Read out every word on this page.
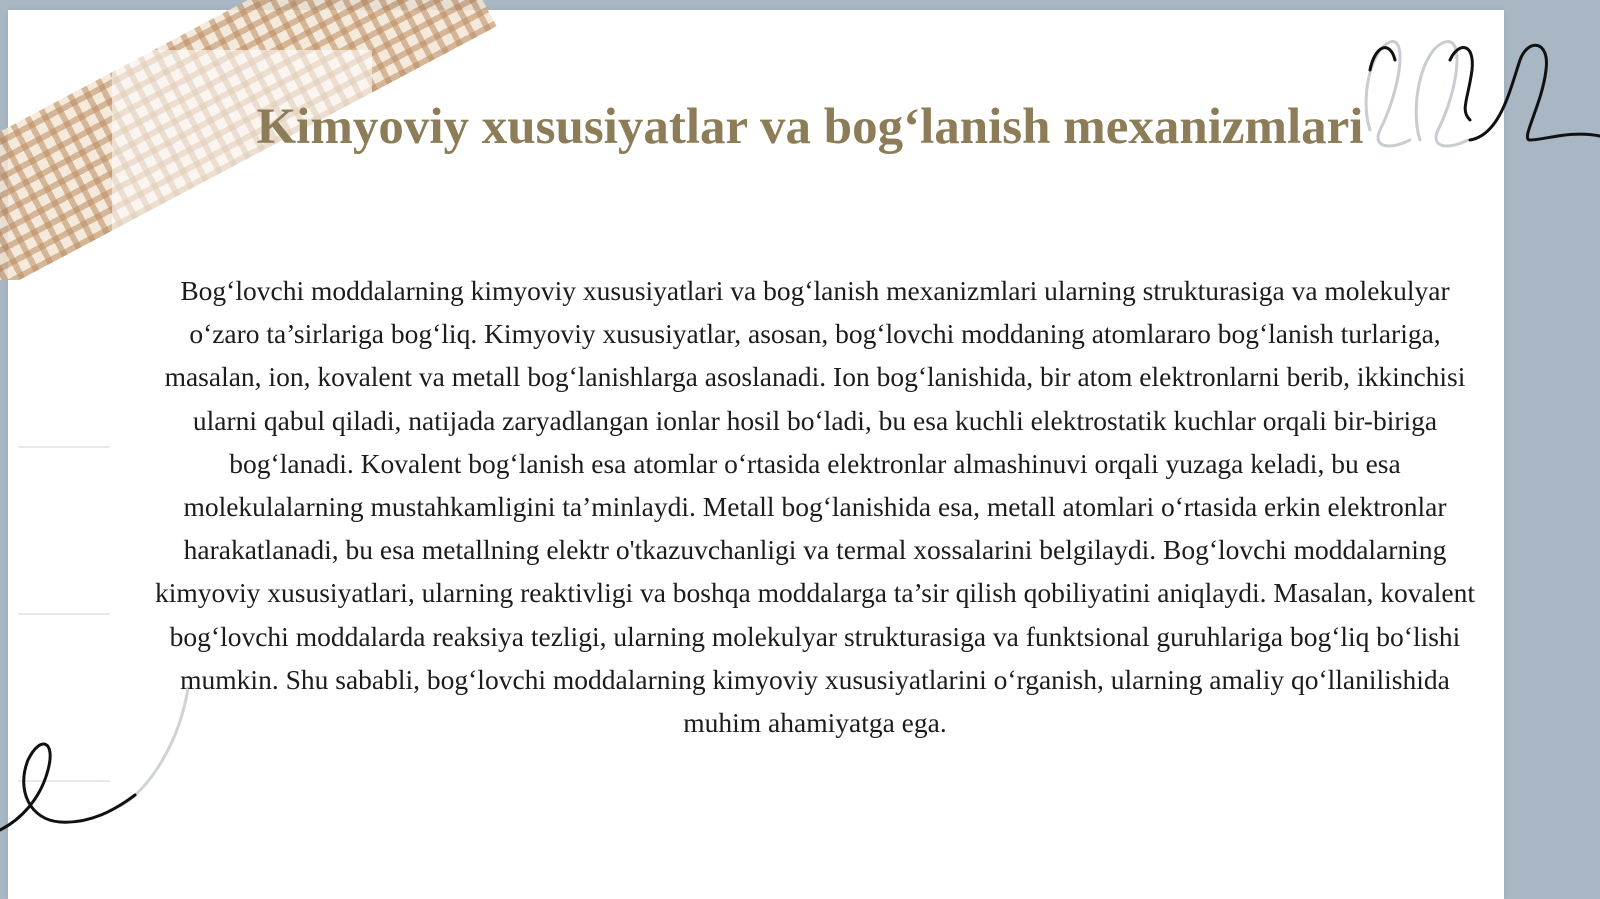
Kimyoviy xususiyatlar va bog‘lanish mexanizmlari

Bog‘lovchi moddalarning kimyoviy xususiyatlari va bog‘lanish mexanizmlari ularning strukturasiga va molekulyar o‘zaro ta’sirlariga bog‘liq. Kimyoviy xususiyatlar, asosan, bog‘lovchi moddaning atomlararo bog‘lanish turlariga, masalan, ion, kovalent va metall bog‘lanishlarga asoslanadi. Ion bog‘lanishida, bir atom elektronlarni berib, ikkinchisi ularni qabul qiladi, natijada zaryadlangan ionlar hosil bo‘ladi, bu esa kuchli elektrostatik kuchlar orqali bir-biriga bog‘lanadi. Kovalent bog‘lanish esa atomlar o‘rtasida elektronlar almashinuvi orqali yuzaga keladi, bu esa molekulalarning mustahkamligini ta’minlaydi. Metall bog‘lanishida esa, metall atomlari o‘rtasida erkin elektronlar harakatlanadi, bu esa metallning elektr o'tkazuvchanligi va termal xossalarini belgilaydi. Bog‘lovchi moddalarning kimyoviy xususiyatlari, ularning reaktivligi va boshqa moddalarga ta’sir qilish qobiliyatini aniqlaydi. Masalan, kovalent bog‘lovchi moddalarda reaksiya tezligi, ularning molekulyar strukturasiga va funktsional guruhlariga bog‘liq bo‘lishi mumkin. Shu sababli, bog‘lovchi moddalarning kimyoviy xususiyatlarini o‘rganish, ularning amaliy qo‘llanilishida muhim ahamiyatga ega.
